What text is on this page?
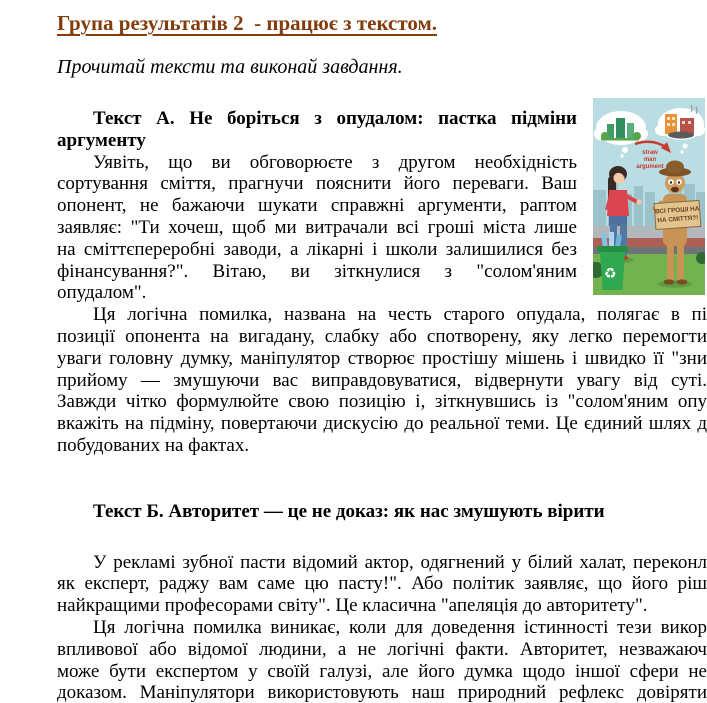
Група результатів 2  - працює з текстом.
Прочитай тексти та виконай завдання.
Текст А. Не боріться з опудалом: пастка підміни
аргументу
Уявіть, що ви обговорюєте з другом необхідність
сортування сміття, прагнучи пояснити його переваги. Ваш
опонент, не бажаючи шукати справжні аргументи, раптом
заявляє: "Ти хочеш, щоб ми витрачали всі гроші міста лише
на сміттєпереробні заводи, а лікарні і школи залишилися без
фінансування?". Вітаю, ви зіткнулися з "солом'яним
опудалом".
Ця логічна помилка, названа на честь старого опудала, полягає в пі
позиції опонента на вигадану, слабку або спотворену, яку легко перемогти
уваги головну думку, маніпулятор створює простішу мішень і швидко її "зни
прийому — змушуючи вас виправдовуватися, відвернути увагу від суті.
Завжди чітко формулюйте свою позицію і, зіткнувшись із "солом'яним опу
вкажіть на підміну, повертаючи дискусію до реальної теми. Це єдиний шлях д
побудованих на фактах.
Текст Б. Авторитет — це не доказ: як нас змушують вірити
У рекламі зубної пасти відомий актор, одягнений у білий халат, переконл
як експерт, раджу вам саме цю пасту!". Або політик заявляє, що його ріш
найкращими професорами світу". Це класична "апеляція до авторитету".
Ця логічна помилка виникає, коли для доведення істинності тези викор
впливової або відомої людини, а не логічні факти. Авторитет, незважаюч
може бути експертом у своїй галузі, але його думка щодо іншої сфери не
доказом. Маніпулятори використовують наш природний рефлекс довіряти
straw
man
argument
♻
ВСІ ГРОШІ НА
НА СМІТТЯ?!
